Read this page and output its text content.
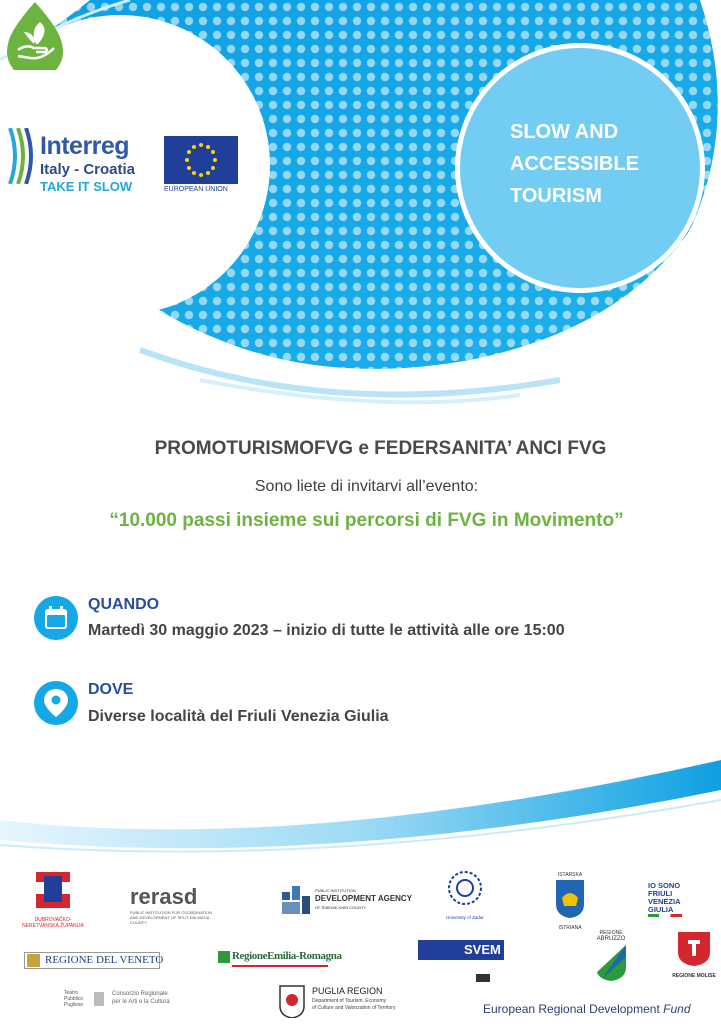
Interreg
Italy - Croatia
TAKE IT SLOW	EUROPEAN UNION
SLOW AND
ACCESSIBLE
TOURISM
PROMOTURISMOFVG e FEDERSANITA’ ANCI FVG
Sono liete di invitarvi all’evento:
“10.000 passi insieme sui percorsi di FVG in Movimento”
QUANDO
Martedì 30 maggio 2023 – inizio di tutte le attività alle ore 15:00
DOVE
Diverse località del Friuli Venezia Giulia
DUBROVAČKO-NERETVANSKA ŽUPANIJA
rerasd
PUBLIC INSTITUTION FOR COORDINATION AND DEVELOPMENT OF SPLIT-DALMATIA COUNTY
PUBLIC INSTITUTION
DEVELOPMENT AGENCY
OF ŠIBENIK KNIN COUNTY
University of Zadar
ISTARSKA
ISTRIANA
IO SONO
FRIULI
VENEZIA
GIULIA
REGIONE DEL VENETO	RegioneEmilia-Romagna	SVEM
REGIONE
ABRUZZO
REGIONE MOLISE
Teatro
Pubblico
Pugliese
Consorzio Regionale
per le Arti e la Cultura
PUGLIA REGION
Department of Tourism, Economy
of Culture and Valorization of Territory	European Regional Development Fund
